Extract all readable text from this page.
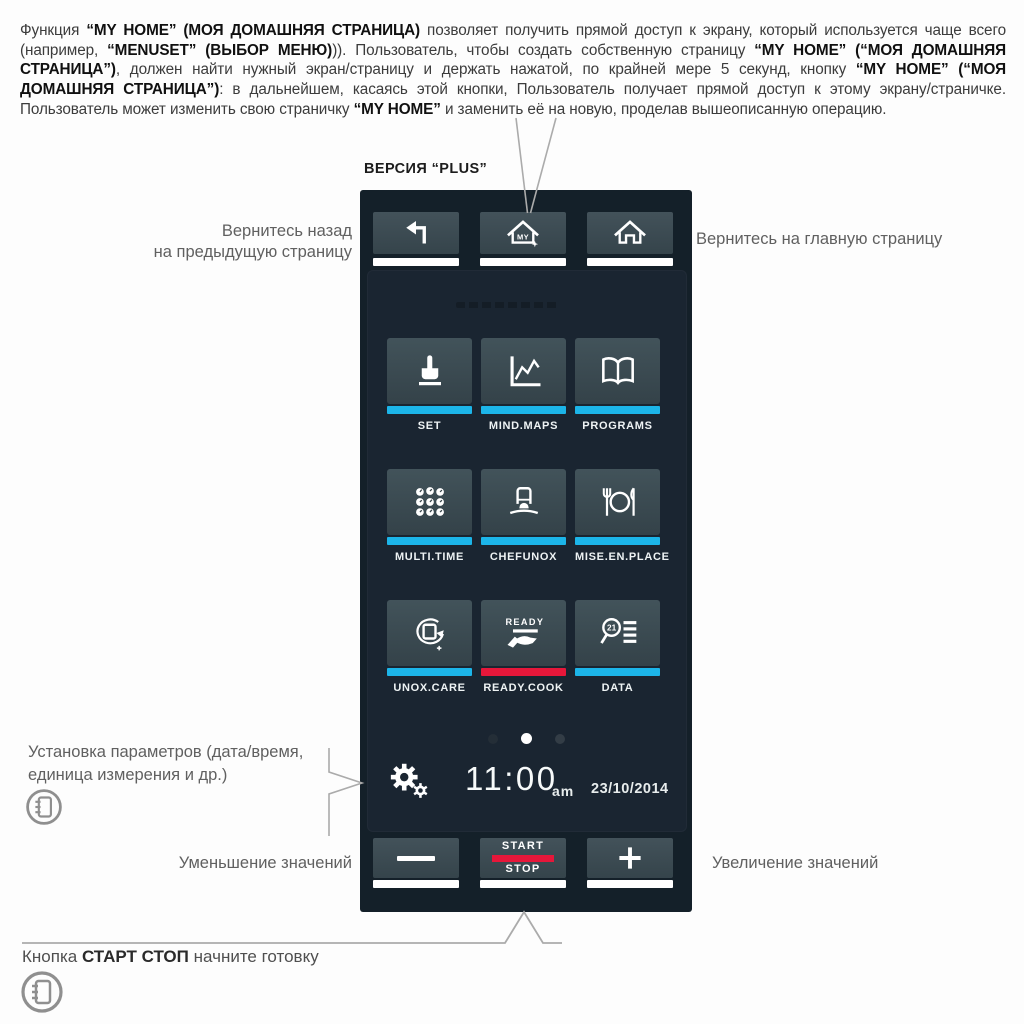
Функция “MY HOME” (МОЯ ДОМАШНЯЯ СТРАНИЦА) позволяет получить прямой доступ к экрану, который используется чаще всего (например, “MENUSET” (ВЫБОР МЕНЮ))). Пользователь, чтобы создать собственную страницу “MY HOME” (“МОЯ ДОМАШНЯЯ СТРАНИЦА”), должен найти нужный экран/страницу и держать нажатой, по крайней мере 5 секунд, кнопку “MY HOME” (“МОЯ ДОМАШНЯЯ СТРАНИЦА”): в дальнейшем, касаясь этой кнопки, Пользователь получает прямой доступ к этому экрану/страничке. Пользователь может изменить свою страничку “MY HOME” и заменить её на новую, проделав вышеописанную операцию.

ВЕРСИЯ “PLUS”
Вернитесь назад
на предыдущую страницу
Вернитесь на главную страницу
Установка параметров (дата/время,
единица измерения и др.)
Уменьшение значений	Увеличение значений
Кнопка СТАРТ СТОП начните готовку
MY
SET	MIND.MAPS	PROGRAMS
MULTI.TIME	CHEFUNOX	MISE.EN.PLACE
UNOX.CARE
READY
READY.COOK
21
DATA
11:00
am 23/10/2014
START
STOP
